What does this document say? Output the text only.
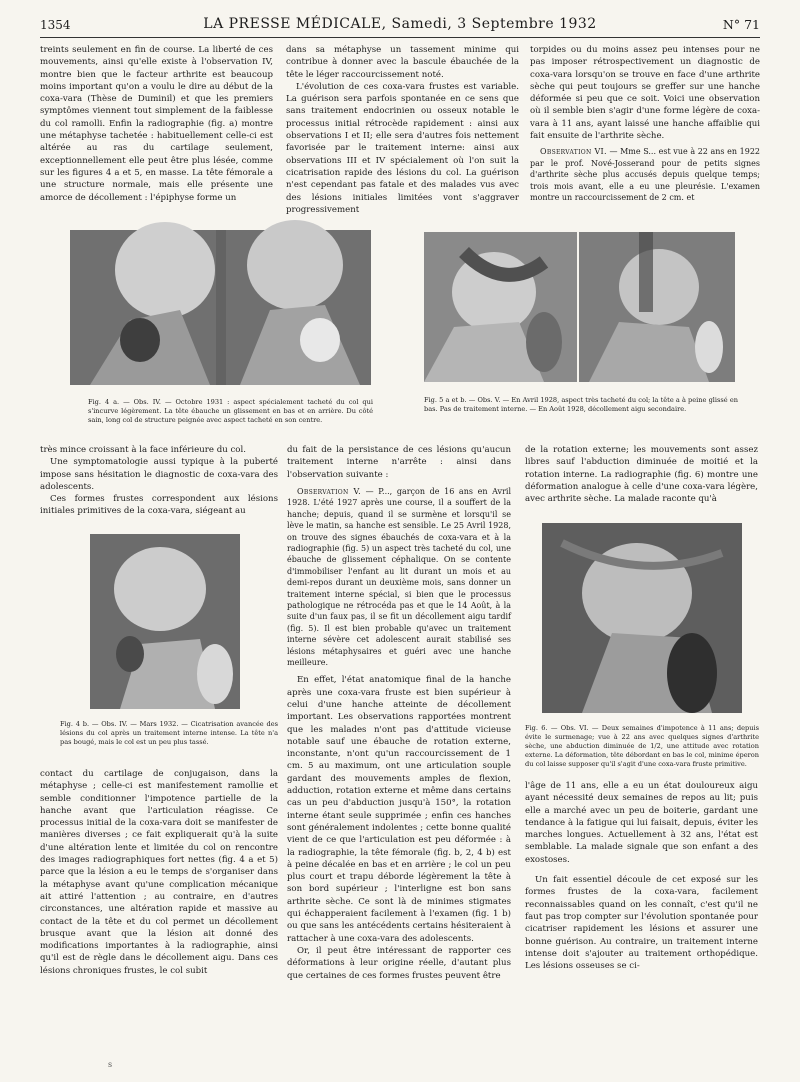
1354	LA PRESSE MÉDICALE, Samedi, 3 Septembre 1932	N° 71

treints seulement en fin de course. La liberté de ces mouvements, ainsi qu'elle existe à l'observation IV, montre bien que le facteur arthrite est beaucoup moins important qu'on a voulu le dire au début de la coxa-vara (Thèse de Duminil) et que les premiers symptômes viennent tout simplement de la faiblesse du col ramolli. Enfin la radiographie (fig. a) montre une métaphyse tachetée : habituellement celle-ci est altérée au ras du cartilage seulement, exceptionnellement elle peut être plus lésée, comme sur les figures 4 a et 5, en masse. La tête fémorale a une structure normale, mais elle présente une amorce de décollement : l'épiphyse forme un

dans sa métaphyse un tassement minime qui contribue à donner avec la bascule ébauchée de la tête le léger raccourcissement noté.

L'évolution de ces coxa-vara frustes est variable. La guérison sera parfois spontanée en ce sens que sans traitement endocrinien ou osseux notable le processus initial rétrocède rapidement : ainsi aux observations I et II; elle sera d'autres fois nettement favorisée par le traitement interne: ainsi aux observations III et IV spécialement où l'on suit la cicatrisation rapide des lésions du col. La guérison n'est cependant pas fatale et des malades vus avec des lésions initiales limitées vont s'aggraver progressivement

torpides ou du moins assez peu intenses pour ne pas imposer rétrospectivement un diagnostic de coxa-vara lorsqu'on se trouve en face d'une arthrite sèche qui peut toujours se greffer sur une hanche déformée si peu que ce soit. Voici une observation où il semble bien s'agir d'une forme légère de coxa-vara à 11 ans, ayant laissé une hanche affaiblie qui fait ensuite de l'arthrite sèche.

Observation VI. — Mme S... est vue à 22 ans en 1922 par le prof. Nové-Josserand pour de petits signes d'arthrite sèche plus accusés depuis quelque temps; trois mois avant, elle a eu une pleurésie. L'examen montre un raccourcissement de 2 cm. et

Fig. 4 a. — Obs. IV. — Octobre 1931 : aspect spécialement tacheté du col qui s'incurve légèrement. La tête ébauche un glissement en bas et en arrière. Du côté sain, long col de structure peignée avec aspect tacheté en son centre.
Fig. 5 a et b. — Obs. V. — En Avril 1928, aspect très tacheté du col; la tête a à peine glissé en bas. Pas de traitement interne. — En Août 1928, décollement aigu secondaire.

très mince croissant à la face inférieure du col.

Une symptomatologie aussi typique à la puberté impose sans hésitation le diagnostic de coxa-vara des adolescents.

Ces formes frustes correspondent aux lésions initiales primitives de la coxa-vara, siégeant au

Fig. 4 b. — Obs. IV. — Mars 1932. — Cicatrisation avancée des lésions du col après un traitement interne intense. La tête n'a pas bougé, mais le col est un peu plus tassé.

du fait de la persistance de ces lésions qu'aucun traitement interne n'arrête : ainsi dans l'observation suivante :

Observation V. — P..., garçon de 16 ans en Avril 1928. L'été 1927 après une course, il a souffert de la hanche; depuis, quand il se surmène et lorsqu'il se lève le matin, sa hanche est sensible. Le 25 Avril 1928, on trouve des signes ébauchés de coxa-vara et à la radiographie (fig. 5) un aspect très tacheté du col, une ébauche de glissement céphalique. On se contente d'immobiliser l'enfant au lit durant un mois et au demi-repos durant un deuxième mois, sans donner un traitement interne spécial, si bien que le processus pathologique ne rétrocéda pas et que le 14 Août, à la suite d'un faux pas, il se fit un décollement aigu tardif (fig. 5). Il est bien probable qu'avec un traitement interne sévère cet adolescent aurait stabilisé ses lésions métaphysaires et guéri avec une hanche meilleure.

En effet, l'état anatomique final de la hanche après une coxa-vara fruste est bien supérieur à celui d'une hanche atteinte de décollement important. Les observations rapportées montrent que les malades n'ont pas d'attitude vicieuse notable sauf une ébauche de rotation externe, inconstante, n'ont qu'un raccourcissement de 1 cm. 5 au maximum, ont une articulation souple gardant des mouvements amples de flexion, adduction, rotation externe et même dans certains cas un peu d'abduction jusqu'à 150°, la rotation interne étant seule supprimée ; enfin ces hanches sont généralement indolentes ; cette bonne qualité vient de ce que l'articulation est peu déformée : à la radiographie, la tête fémorale (fig. b, 2, 4 b) est à peine décalée en bas et en arrière ; le col un peu plus court et trapu déborde légèrement la tête à son bord supérieur ; l'interligne est bon sans arthrite sèche. Ce sont là de minimes stigmates qui échapperaient facilement à l'examen (fig. 1 b) ou que sans les antécédents certains hésiteraient à rattacher à une coxa-vara des adolescents.

Or, il peut être intéressant de rapporter ces déformations à leur origine réelle, d'autant plus que certaines de ces formes frustes peuvent être

de la rotation externe; les mouvements sont assez libres sauf l'abduction diminuée de moitié et la rotation interne. La radiographie (fig. 6) montre une déformation analogue à celle d'une coxa-vara légère, avec arthrite sèche. La malade raconte qu'à

Fig. 6. — Obs. VI. — Deux semaines d'impotence à 11 ans; depuis évite le surmenage; vue à 22 ans avec quelques signes d'arthrite sèche, une abduction diminuée de 1/2, une attitude avec rotation externe. La déformation, tête débordant en bas le col, minime éperon du col laisse supposer qu'il s'agit d'une coxa-vara fruste primitive.

l'âge de 11 ans, elle a eu un état douloureux aigu ayant nécessité deux semaines de repos au lit; puis elle a marché avec un peu de boiterie, gardant une tendance à la fatigue qui lui faisait, depuis, éviter les marches longues. Actuellement à 32 ans, l'état est semblable. La malade signale que son enfant a des exostoses.

Un fait essentiel découle de cet exposé sur les formes frustes de la coxa-vara, facilement reconnaissables quand on les connaît, c'est qu'il ne faut pas trop compter sur l'évolution spontanée pour cicatriser rapidement les lésions et assurer une bonne guérison. Au contraire, un traitement interne intense doit s'ajouter au traitement orthopédique. Les lésions osseuses se ci-

contact du cartilage de conjugaison, dans la métaphyse ; celle-ci est manifestement ramollie et semble conditionner l'impotence partielle de la hanche avant que l'articulation réagisse. Ce processus initial de la coxa-vara doit se manifester de manières diverses ; ce fait expliquerait qu'à la suite d'une altération lente et limitée du col on rencontre des images radiographiques fort nettes (fig. 4 a et 5) parce que la lésion a eu le temps de s'organiser dans la métaphyse avant qu'une complication mécanique ait attiré l'attention ; au contraire, en d'autres circonstances, une altération rapide et massive au contact de la tête et du col permet un décollement brusque avant que la lésion ait donné des modifications importantes à la radiographie, ainsi qu'il est de règle dans le décollement aigu. Dans ces lésions chroniques frustes, le col subit

s
